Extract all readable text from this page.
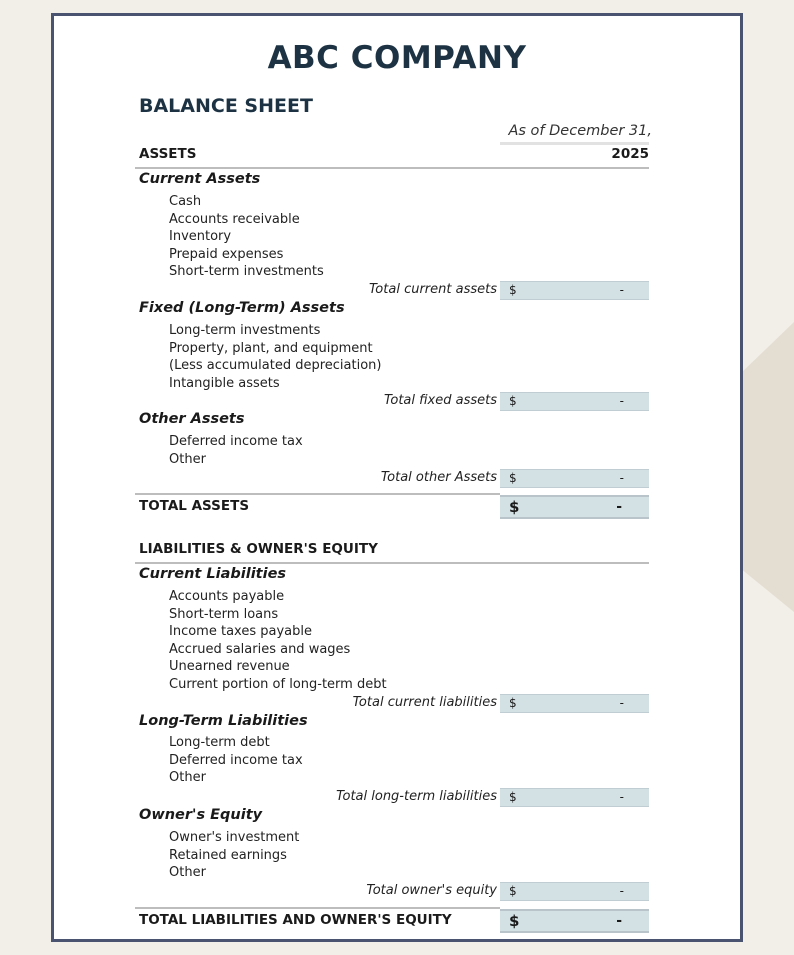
ABC COMPANY
BALANCE SHEET
As of December 31,
ASSETS	2025
Current Assets
Cash
Accounts receivable
Inventory
Prepaid expenses
Short-term investments
Total current assets $	-
Fixed (Long-Term) Assets
Long-term investments
Property, plant, and equipment
(Less accumulated depreciation)
Intangible assets
Total fixed assets $	-
Other Assets
Deferred income tax
Other
Total other Assets $	-
TOTAL ASSETS	$	-
LIABILITIES & OWNER'S EQUITY
Current Liabilities
Accounts payable
Short-term loans
Income taxes payable
Accrued salaries and wages
Unearned revenue
Current portion of long-term debt
Total current liabilities $	-
Long-Term Liabilities
Long-term debt
Deferred income tax
Other
Total long-term liabilities $	-
Owner's Equity
Owner's investment
Retained earnings
Other
Total owner's equity $	-
TOTAL LIABILITIES AND OWNER'S EQUITY	$	-
